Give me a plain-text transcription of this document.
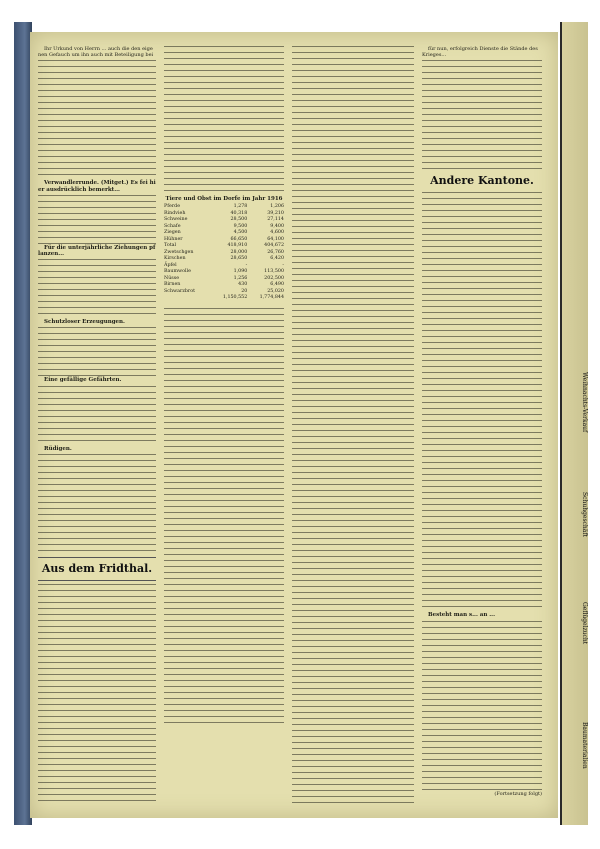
Ihr Urkund von Herrn ... auch die den eigenen Gefauch um ihn auch mit Beteiligung bei

Verwandlerrunde. (Mitget.) Es fei hier ausdrücklich bemerkt...

Für die unterjährliche Ziehungen pflanzen...

Schutzloser Erzeugungen.

Eine gefällige Gefährten.

Rüdigen.

Aus dem Fridthal.

Tiere und Obst im Dorfe im Jahr 1916

Pferde	1,278	1,206
Rindvieh	40,318	39,210
Schweine	28,500	27,114
Schafe	9,500	9,400
Ziegen	4,500	4,600
Hühner	66,650	64,100
Total	418,910	404,672
Zwetschgen	28,000	26,760
Kirschen	28,650	6,420
Äpfel	-	-
Baumwolle	1,090	113,500
Nüsse	1,256	202,500
Birnen	430	6,490
Schwarzbrot	20	25,020
	1,150,552	1,774,844

für nun, erfolgreich Dienste die Stände des Krieges...

Andere Kantone.

Besteht man s... an ...

(Fortsetzung folgt)

Weihnachts-Verkauf
Schuhgeschäft
Geflügelzucht
Baumaterialien
